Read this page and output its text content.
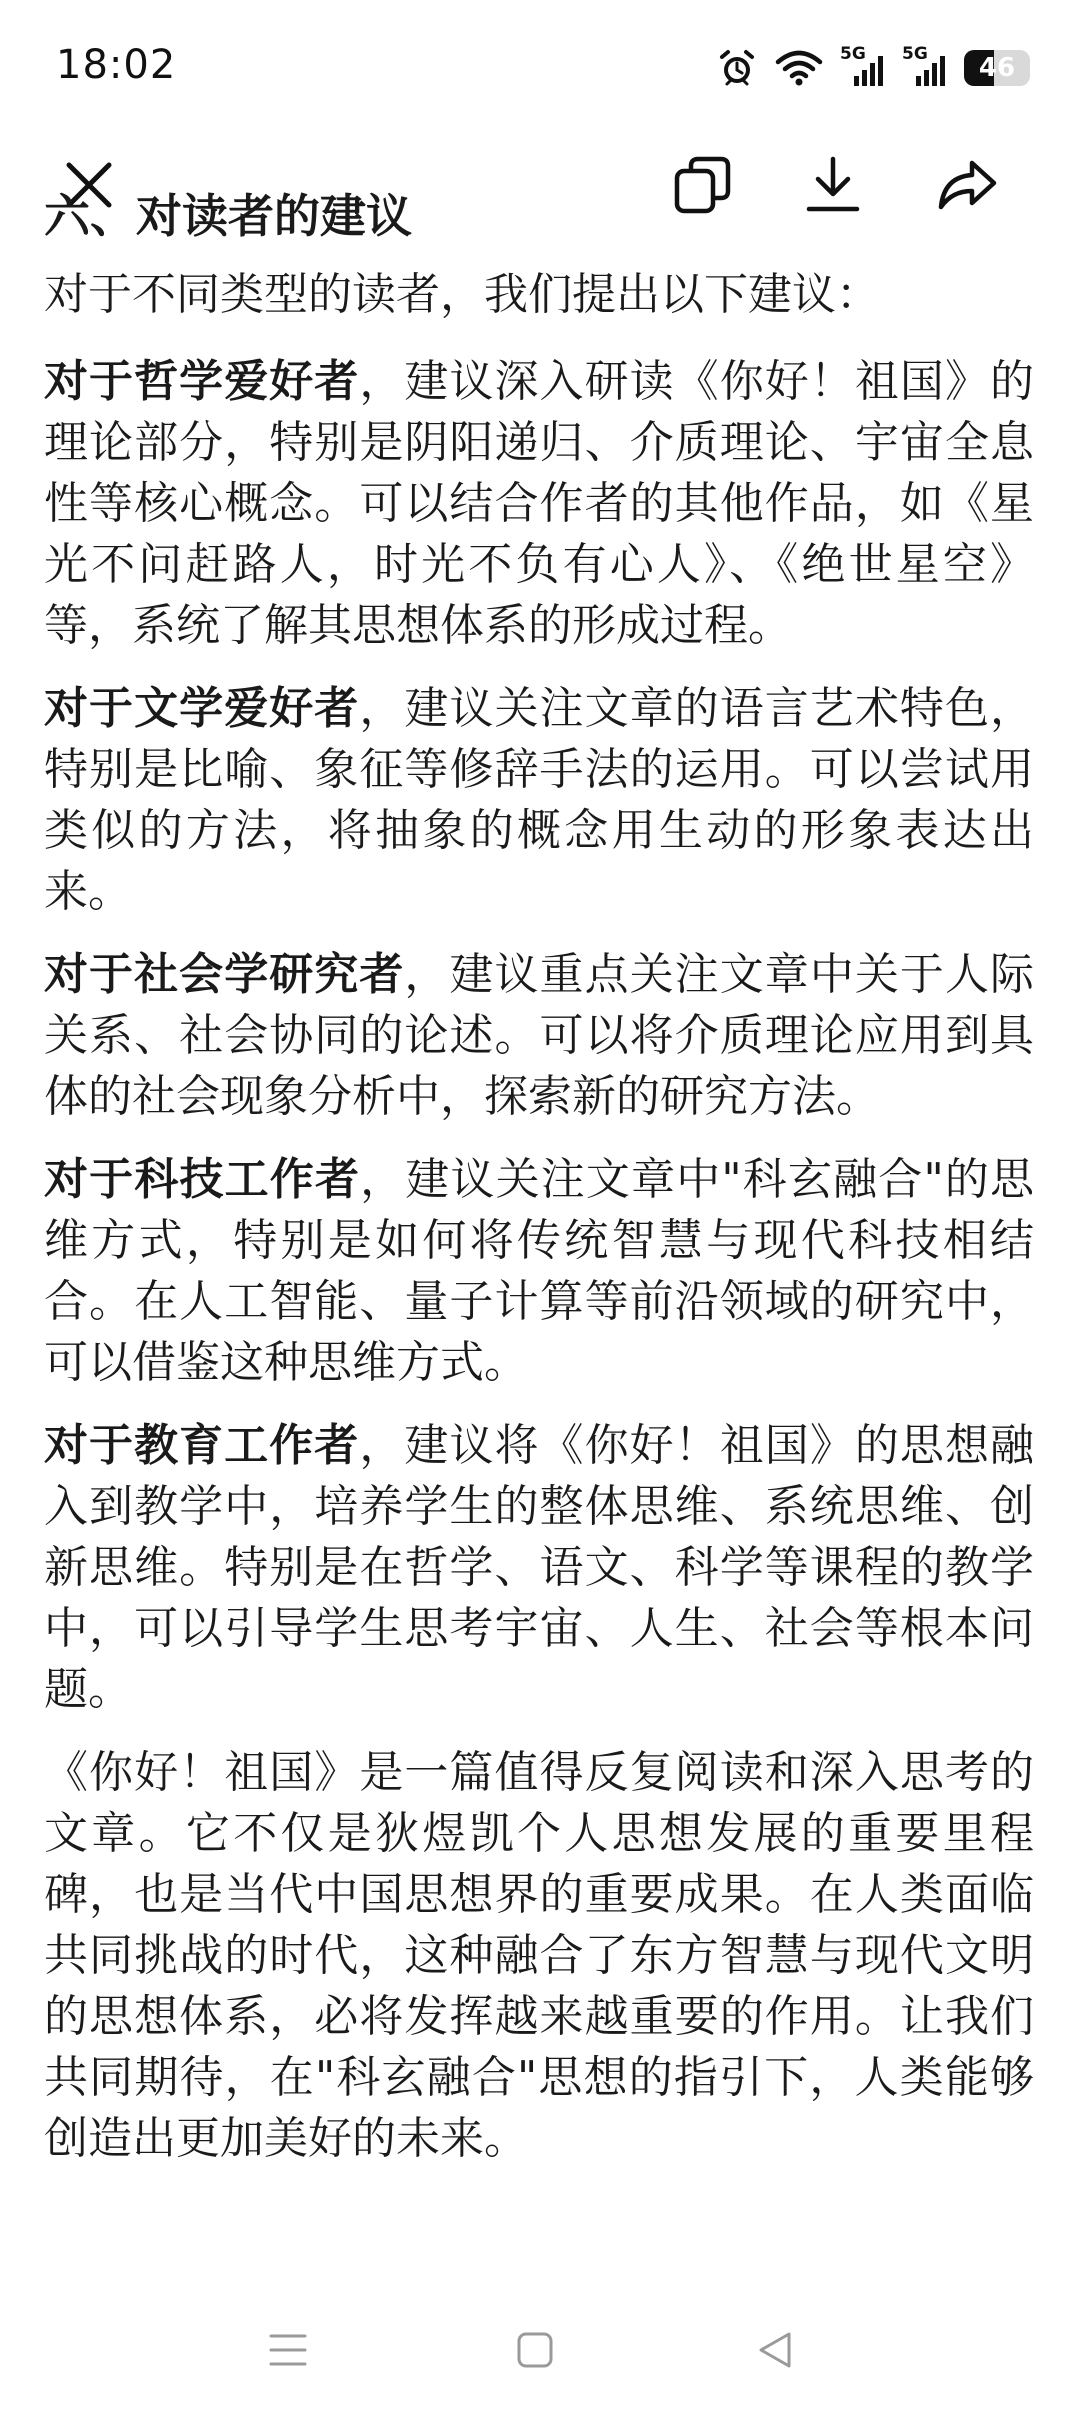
18:02	5G 5G	46
六、对读者的建议

对于不同类型的读者，我们提出以下建议：

对于哲学爱好者，建议深入研读《你好！祖国》的理论部分，特别是阴阳递归、介质理论、宇宙全息性等核心概念。可以结合作者的其他作品，如《星光不问赶路人，时光不负有心人》、《绝世星空》等，系统了解其思想体系的形成过程。

对于文学爱好者，建议关注文章的语言艺术特色，特别是比喻、象征等修辞手法的运用。可以尝试用类似的方法，将抽象的概念用生动的形象表达出来。

对于社会学研究者，建议重点关注文章中关于人际关系、社会协同的论述。可以将介质理论应用到具体的社会现象分析中，探索新的研究方法。

对于科技工作者，建议关注文章中"科玄融合"的思维方式，特别是如何将传统智慧与现代科技相结合。在人工智能、量子计算等前沿领域的研究中，可以借鉴这种思维方式。

对于教育工作者，建议将《你好！祖国》的思想融入到教学中，培养学生的整体思维、系统思维、创新思维。特别是在哲学、语文、科学等课程的教学中，可以引导学生思考宇宙、人生、社会等根本问题。

《你好！祖国》是一篇值得反复阅读和深入思考的文章。它不仅是狄煜凯个人思想发展的重要里程碑，也是当代中国思想界的重要成果。在人类面临共同挑战的时代，这种融合了东方智慧与现代文明的思想体系，必将发挥越来越重要的作用。让我们共同期待，在"科玄融合"思想的指引下，人类能够创造出更加美好的未来。
